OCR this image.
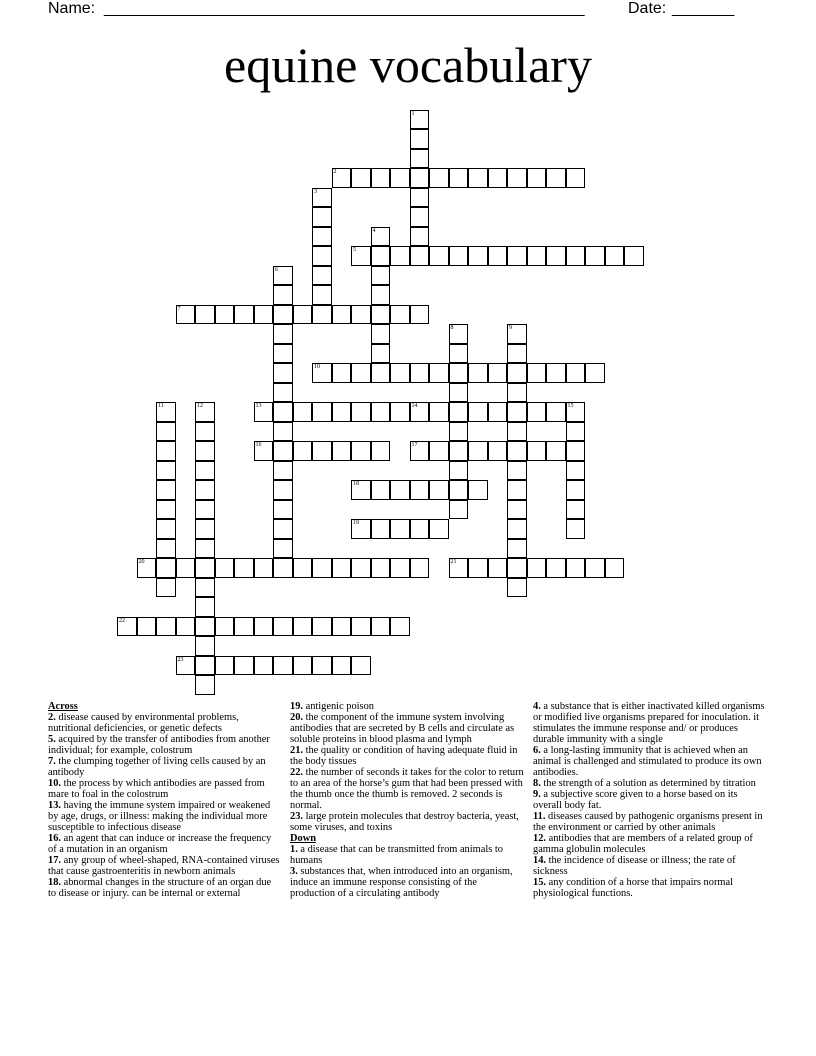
Name: ______________________________________________________	Date: _______
equine vocabulary
1
2
3
4
5
6
7
8	9
10
11	12	13	14	15
16	17
18
19
20	21
22
23

Across

2. disease caused by environmental problems, nutritional deficiencies, or genetic defects

5. acquired by the transfer of antibodies from another individual; for example, colostrum

7. the clumping together of living cells caused by an antibody

10. the process by which antibodies are passed from mare to foal in the colostrum

13. having the immune system impaired or weakened by age, drugs, or illness: making the individual more susceptible to infectious disease

16. an agent that can induce or increase the frequency of a mutation in an organism

17. any group of wheel-shaped, RNA-contained viruses that cause gastroenteritis in newborn animals

18. abnormal changes in the structure of an organ due to disease or injury. can be internal or external

19. antigenic poison

20. the component of the immune system involving antibodies that are secreted by B cells and circulate as soluble proteins in blood plasma and lymph

21. the quality or condition of having adequate fluid in the body tissues

22. the number of seconds it takes for the color to return to an area of the horse’s gum that had been pressed with the thumb once the thumb is removed. 2 seconds is normal.

23. large protein molecules that destroy bacteria, yeast, some viruses, and toxins

Down

1. a disease that can be transmitted from animals to humans

3. substances that, when introduced into an organism, induce an immune response consisting of the production of a circulating antibody

4. a substance that is either inactivated killed organisms or modified live organisms prepared for inoculation. it stimulates the immune response and/ or produces durable immunity with a single

6. a long-lasting immunity that is achieved when an animal is challenged and stimulated to produce its own antibodies.

8. the strength of a solution as determined by titration

9. a subjective score given to a horse based on its overall body fat.

11. diseases caused by pathogenic organisms present in the environment or carried by other animals

12. antibodies that are members of a related group of gamma globulin molecules

14. the incidence of disease or illness; the rate of sickness

15. any condition of a horse that impairs normal physiological functions.
